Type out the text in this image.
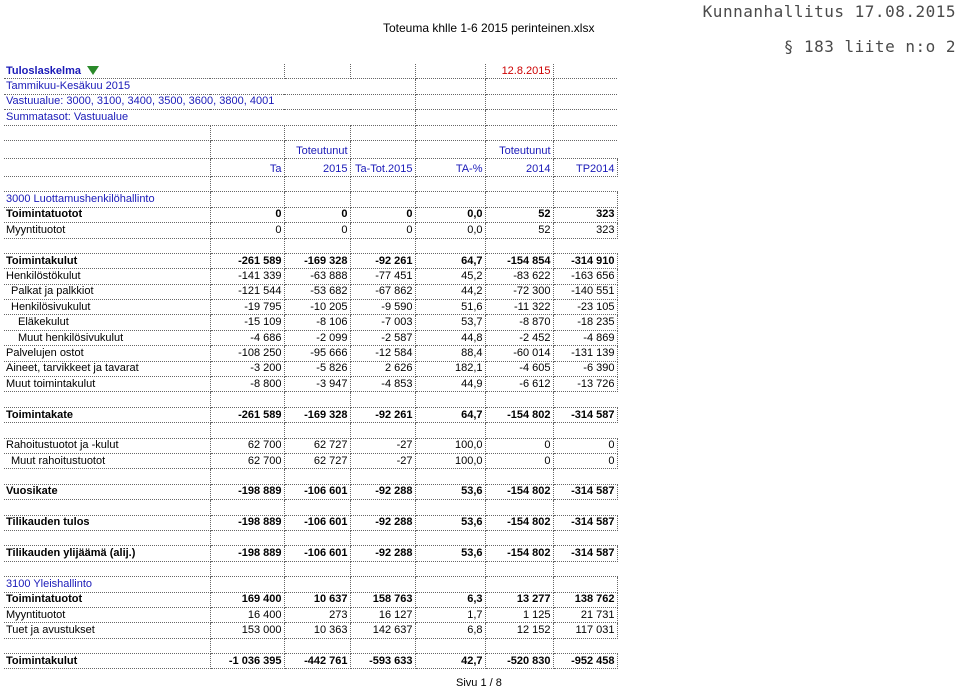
Toteuma khlle 1-6 2015 perinteinen.xlsx
Kunnanhallitus 17.08.2015
§ 183 liite n:o 2
Tuloslaskelma					12.8.2015	
Tammikuu-Kesäkuu 2015						
Vastuualue: 3000, 3100, 3400, 3500, 3600, 3800, 4001						
Summatasot: Vastuualue						

		Toteutunut			Toteutunut	
	Ta	2015	Ta-Tot.2015	TA-%	2014	TP2014

3000 Luottamushenkilöhallinto						
Toimintatuotot	0	0	0	0,0	52	323
Myyntituotot	0	0	0	0,0	52	323

Toimintakulut	-261 589	-169 328	-92 261	64,7	-154 854	-314 910
Henkilöstökulut	-141 339	-63 888	-77 451	45,2	-83 622	-163 656
Palkat ja palkkiot	-121 544	-53 682	-67 862	44,2	-72 300	-140 551
Henkilösivukulut	-19 795	-10 205	-9 590	51,6	-11 322	-23 105
Eläkekulut	-15 109	-8 106	-7 003	53,7	-8 870	-18 235
Muut henkilösivukulut	-4 686	-2 099	-2 587	44,8	-2 452	-4 869
Palvelujen ostot	-108 250	-95 666	-12 584	88,4	-60 014	-131 139
Aineet, tarvikkeet ja tavarat	-3 200	-5 826	2 626	182,1	-4 605	-6 390
Muut toimintakulut	-8 800	-3 947	-4 853	44,9	-6 612	-13 726

Toimintakate	-261 589	-169 328	-92 261	64,7	-154 802	-314 587

Rahoitustuotot ja -kulut	62 700	62 727	-27	100,0	0	0
Muut rahoitustuotot	62 700	62 727	-27	100,0	0	0

Vuosikate	-198 889	-106 601	-92 288	53,6	-154 802	-314 587

Tilikauden tulos	-198 889	-106 601	-92 288	53,6	-154 802	-314 587

Tilikauden ylijäämä (alij.)	-198 889	-106 601	-92 288	53,6	-154 802	-314 587

3100 Yleishallinto						
Toimintatuotot	169 400	10 637	158 763	6,3	13 277	138 762
Myyntituotot	16 400	273	16 127	1,7	1 125	21 731
Tuet ja avustukset	153 000	10 363	142 637	6,8	12 152	117 031

Toimintakulut	-1 036 395	-442 761	-593 633	42,7	-520 830	-952 458
Sivu 1 / 8
